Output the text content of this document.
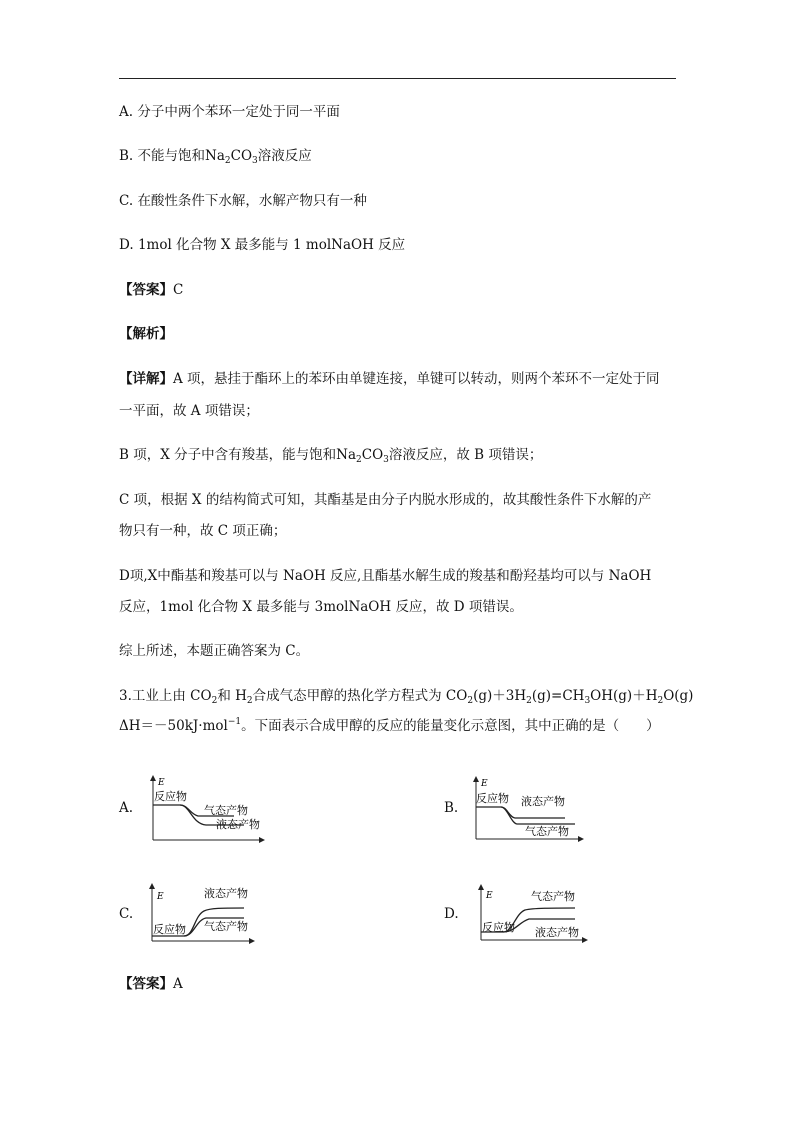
A. 分子中两个苯环一定处于同一平面
B. 不能与饱和$Na_2CO_3$溶液反应
C. 在酸性条件下水解，水解产物只有一种
D. 1mol 化合物 X 最多能与 1 molNaOH 反应
【答案】C
【解析】
【详解】A 项，悬挂于酯环上的苯环由单键连接，单键可以转动，则两个苯环不一定处于同
一平面，故 A 项错误；
B 项，X 分子中含有羧基，能与饱和$Na_2CO_3$溶液反应，故 B 项错误；
C 项，根据 X 的结构简式可知，其酯基是由分子内脱水形成的，故其酸性条件下水解的产
物只有一种，故 C 项正确；
D项,X中酯基和羧基可以与 NaOH 反应,且酯基水解生成的羧基和酚羟基均可以与 NaOH
反应，1mol 化合物 X 最多能与 3molNaOH 反应，故 D 项错误。
综上所述，本题正确答案为 C。
3.工业上由 $CO_2$和 $H_2$合成气态甲醇的热化学方程式为 $CO_2(g)+3H_2(g)=CH_3OH(g)+H_2O(g)$
ΔH＝－50kJ·mol$^{-1}$。下面表示合成甲醇的反应的能量变化示意图，其中正确的是（　　）
A.	B.
C.	D.
E
反应物
气态产物
液态产物
E
反应物 液态产物
气态产物
E
反应物
液态产物
气态产物
E
反应物
气态产物
液态产物
【答案】A
